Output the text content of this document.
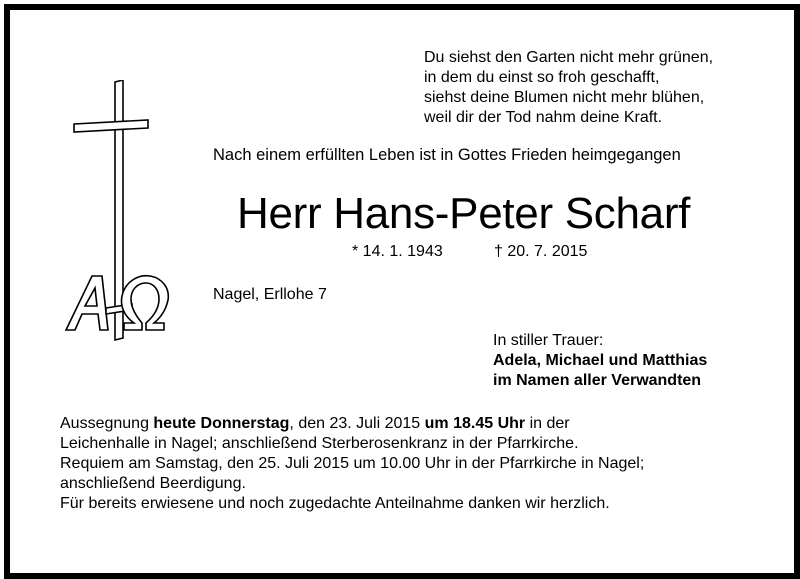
Du siehst den Garten nicht mehr grünen,
in dem du einst so froh geschafft,
siehst deine Blumen nicht mehr blühen,
weil dir der Tod nahm deine Kraft.
Nach einem erfüllten Leben ist in Gottes Frieden heimgegangen
Herr Hans-Peter Scharf
* 14. 1. 1943	† 20. 7. 2015
Nagel, Erllohe 7
In stiller Trauer:
Adela, Michael und Matthias
im Namen aller Verwandten
Aussegnung heute Donnerstag, den 23. Juli 2015 um 18.45 Uhr in der
Leichenhalle in Nagel; anschließend Sterberosenkranz in der Pfarrkirche.
Requiem am Samstag, den 25. Juli 2015 um 10.00 Uhr in der Pfarrkirche in Nagel;
anschließend Beerdigung.
Für bereits erwiesene und noch zugedachte Anteilnahme danken wir herzlich.
